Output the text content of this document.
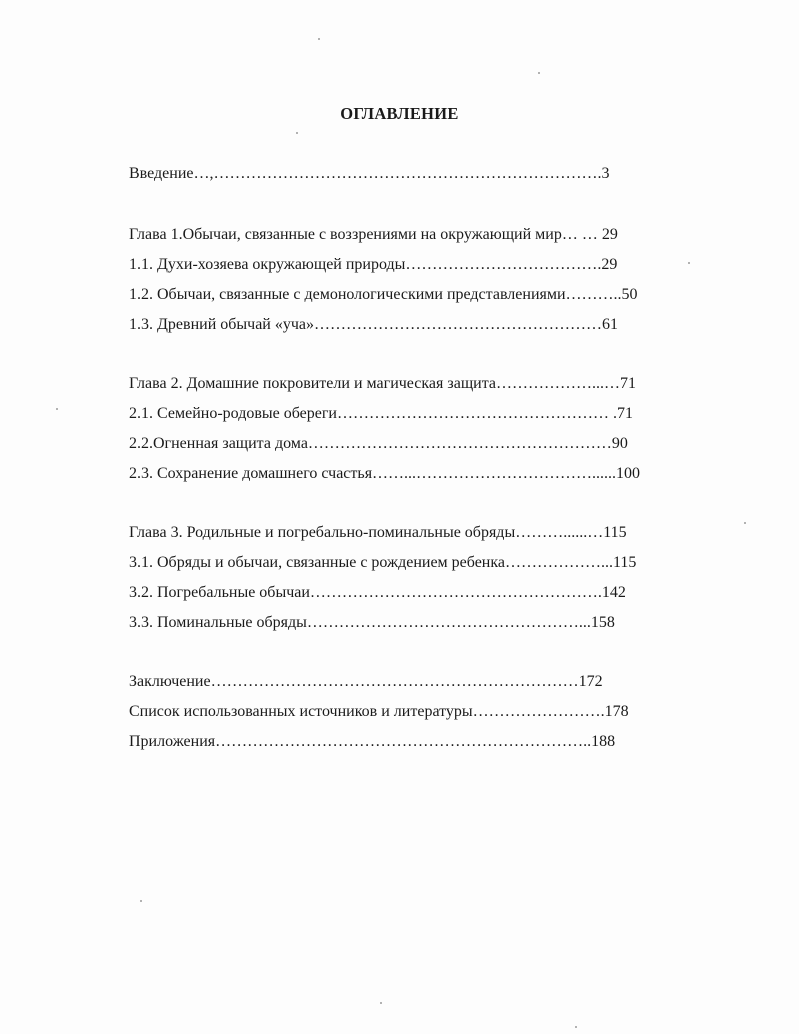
ОГЛАВЛЕНИЕ
Введение…,……………………………………………………………….3
Глава 1.Обычаи, связанные с воззрениями на окружающий мир… … 29
1.1. Духи-хозяева окружающей природы……………………………….29
1.2. Обычаи, связанные с демонологическими представлениями………..50
1.3. Древний обычай «уча»………………………………………………61
Глава 2. Домашние покровители и магическая защита………………...…71
2.1. Семейно-родовые обереги…………………………………………… .71
2.2.Огненная защита дома…………………………………………………90
2.3. Сохранение домашнего счастья……...……………………………......100
Глава 3. Родильные и погребально-поминальные обряды………......…115
3.1. Обряды и обычаи, связанные с рождением ребенка………………...115
3.2. Погребальные обычаи……………………………………………….142
3.3. Поминальные обряды……………………………………………...158
Заключение……………………………………………………………172
Список использованных источников и литературы…………………….178
Приложения……………………………………………………………..188
